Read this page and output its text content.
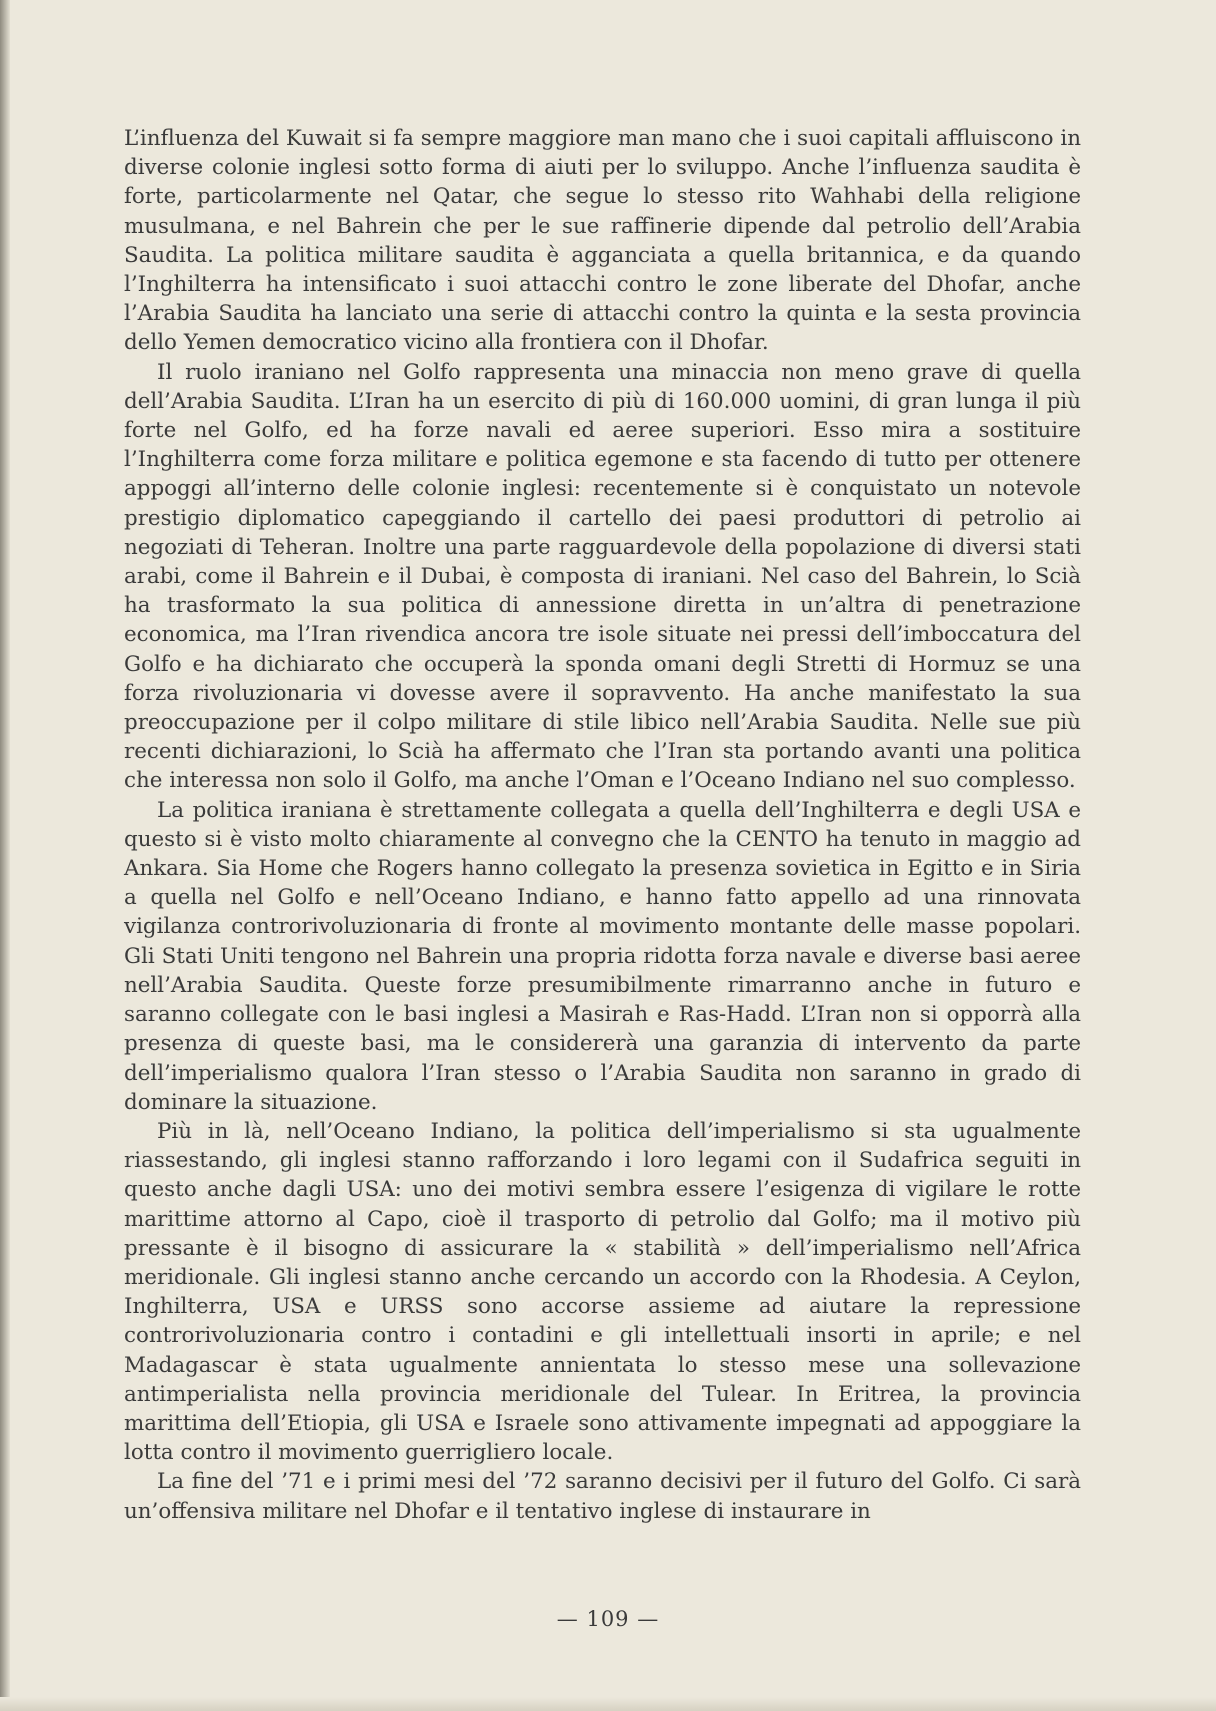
L’influenza del Kuwait si fa sempre maggiore man mano che i suoi capitali affluiscono in diverse colonie inglesi sotto forma di aiuti per lo sviluppo. Anche l’influenza saudita è forte, particolarmente nel Qatar, che segue lo stesso rito Wahhabi della religione musulmana, e nel Bahrein che per le sue raffinerie dipende dal petrolio dell’Arabia Saudita. La politica militare saudita è agganciata a quella britannica, e da quando l’Inghilterra ha intensificato i suoi attacchi contro le zone liberate del Dhofar, anche l’Arabia Saudita ha lanciato una serie di attacchi contro la quinta e la sesta provincia dello Yemen democratico vicino alla frontiera con il Dhofar.

Il ruolo iraniano nel Golfo rappresenta una minaccia non meno grave di quella dell’Arabia Saudita. L’Iran ha un esercito di più di 160.000 uomini, di gran lunga il più forte nel Golfo, ed ha forze navali ed aeree superiori. Esso mira a sostituire l’Inghilterra come forza militare e politica egemone e sta facendo di tutto per ottenere appoggi all’interno delle colonie inglesi: recentemente si è conquistato un notevole prestigio diplomatico capeggiando il cartello dei paesi produttori di petrolio ai negoziati di Teheran. Inoltre una parte ragguardevole della popolazione di diversi stati arabi, come il Bahrein e il Dubai, è composta di iraniani. Nel caso del Bahrein, lo Scià ha trasformato la sua politica di annessione diretta in un’altra di penetrazione economica, ma l’Iran rivendica ancora tre isole situate nei pressi dell’imboccatura del Golfo e ha dichiarato che occuperà la sponda omani degli Stretti di Hormuz se una forza rivoluzionaria vi dovesse avere il sopravvento. Ha anche manifestato la sua preoccupazione per il colpo militare di stile libico nell’Arabia Saudita. Nelle sue più recenti dichiarazioni, lo Scià ha affermato che l’Iran sta portando avanti una politica che interessa non solo il Golfo, ma anche l’Oman e l’Oceano Indiano nel suo complesso.

La politica iraniana è strettamente collegata a quella dell’Inghilterra e degli USA e questo si è visto molto chiaramente al convegno che la CENTO ha tenuto in maggio ad Ankara. Sia Home che Rogers hanno collegato la presenza sovietica in Egitto e in Siria a quella nel Golfo e nell’Oceano Indiano, e hanno fatto appello ad una rinnovata vigilanza controrivoluzionaria di fronte al movimento montante delle masse popolari. Gli Stati Uniti tengono nel Bahrein una propria ridotta forza navale e diverse basi aeree nell’Arabia Saudita. Queste forze presumibilmente rimarranno anche in futuro e saranno collegate con le basi inglesi a Masirah e Ras-Hadd. L’Iran non si opporrà alla presenza di queste basi, ma le considererà una garanzia di intervento da parte dell’imperialismo qualora l’Iran stesso o l’Arabia Saudita non saranno in grado di dominare la situazione.

Più in là, nell’Oceano Indiano, la politica dell’imperialismo si sta ugualmente riassestando, gli inglesi stanno rafforzando i loro legami con il Sudafrica seguiti in questo anche dagli USA: uno dei motivi sembra essere l’esigenza di vigilare le rotte marittime attorno al Capo, cioè il trasporto di petrolio dal Golfo; ma il motivo più pressante è il bisogno di assicurare la « stabilità » dell’imperialismo nell’Africa meridionale. Gli inglesi stanno anche cercando un accordo con la Rhodesia. A Ceylon, Inghilterra, USA e URSS sono accorse assieme ad aiutare la repressione controrivoluzionaria contro i contadini e gli intellettuali insorti in aprile; e nel Madagascar è stata ugualmente annientata lo stesso mese una sollevazione antimperialista nella provincia meridionale del Tulear. In Eritrea, la provincia marittima dell’Etiopia, gli USA e Israele sono attivamente impegnati ad appoggiare la lotta contro il movimento guerrigliero locale.

La fine del ’71 e i primi mesi del ’72 saranno decisivi per il futuro del Golfo. Ci sarà un’offensiva militare nel Dhofar e il tentativo inglese di instaurare in

— 109 —
